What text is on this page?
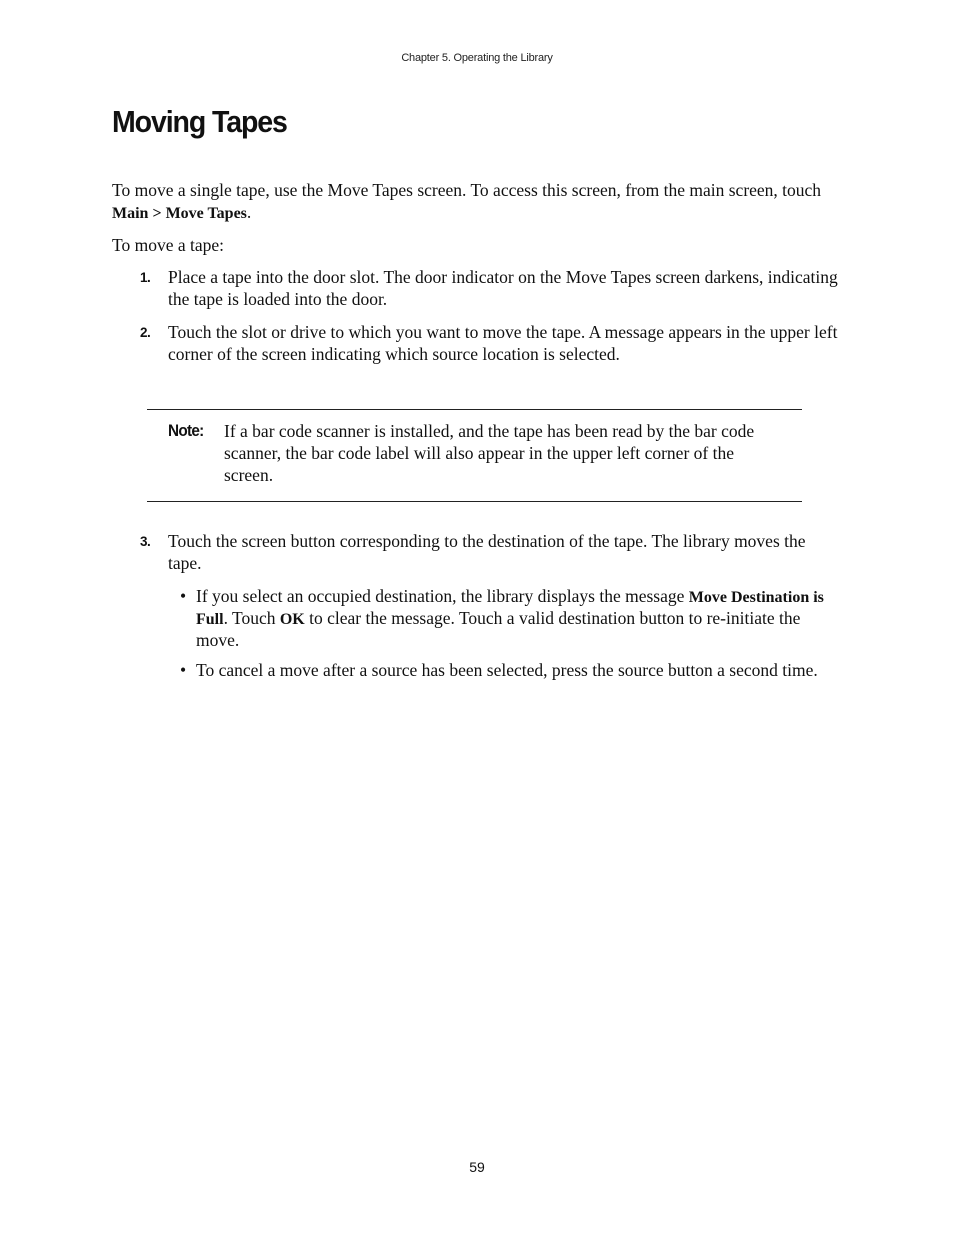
Chapter 5. Operating the Library
Moving Tapes

To move a single tape, use the Move Tapes screen. To access this screen, from the main screen, touch Main > Move Tapes.

To move a tape:

1. Place a tape into the door slot. The door indicator on the Move Tapes screen darkens, indicating the tape is loaded into the door.
2. Touch the slot or drive to which you want to move the tape. A message appears in the upper left corner of the screen indicating which source location is selected.
Note: If a bar code scanner is installed, and the tape has been read by the bar code scanner, the bar code label will also appear in the upper left corner of the screen.
3. Touch the screen button corresponding to the destination of the tape. The library moves the tape.
• If you select an occupied destination, the library displays the message Move Destination is Full. Touch OK to clear the message. Touch a valid destination button to re-initiate the move.
• To cancel a move after a source has been selected, press the source button a second time.
59
